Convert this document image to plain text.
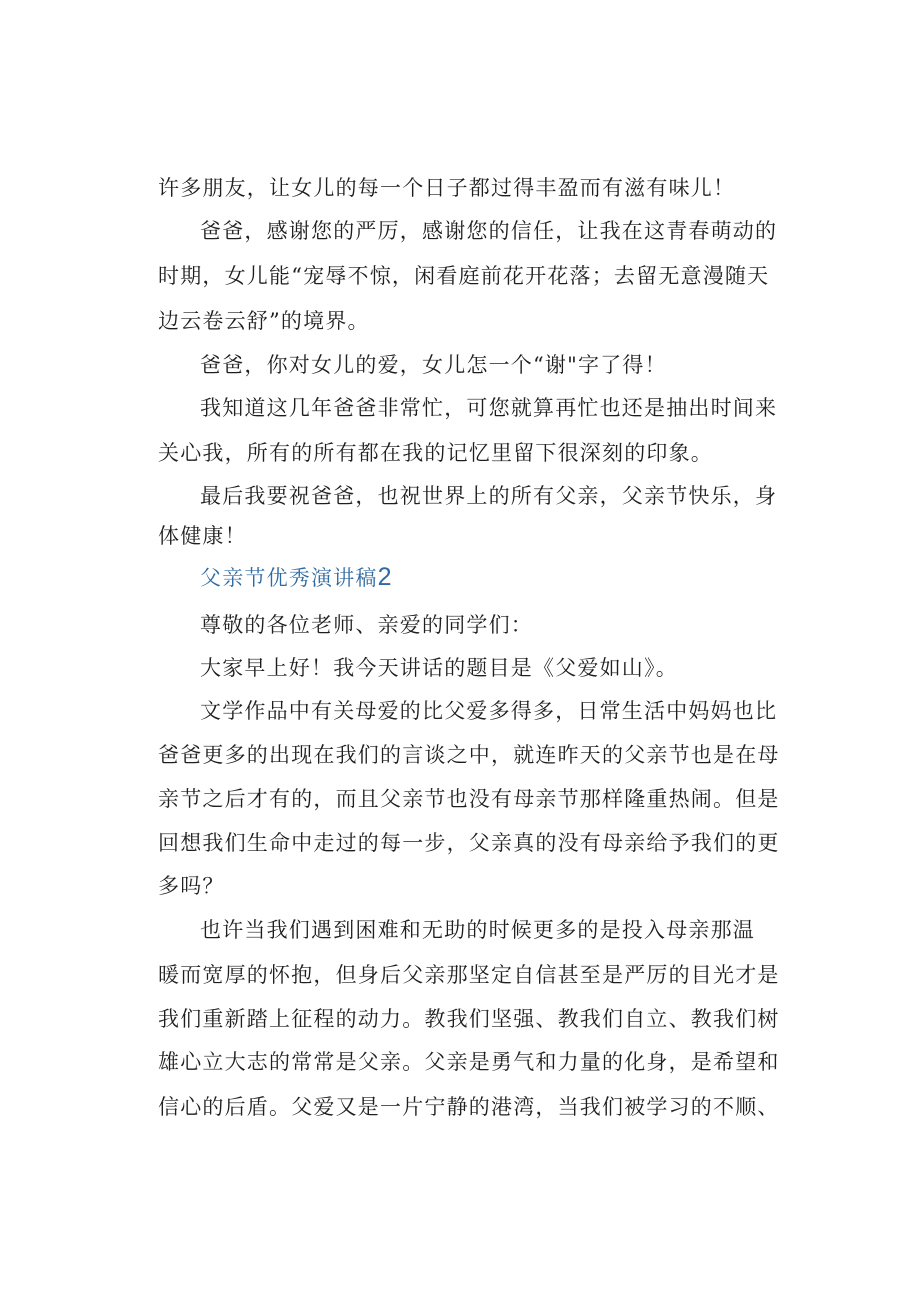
许多朋友，让女儿的每一个日子都过得丰盈而有滋有味儿！

爸爸，感谢您的严厉，感谢您的信任，让我在这青春萌动的

时期，女儿能“宠辱不惊，闲看庭前花开花落；去留无意漫随天

边云卷云舒”的境界。

爸爸，你对女儿的爱，女儿怎一个“谢"字了得！

我知道这几年爸爸非常忙，可您就算再忙也还是抽出时间来

关心我，所有的所有都在我的记忆里留下很深刻的印象。

最后我要祝爸爸，也祝世界上的所有父亲，父亲节快乐，身

体健康！

父亲节优秀演讲稿2

尊敬的各位老师、亲爱的同学们：

大家早上好！我今天讲话的题目是《父爱如山》。

文学作品中有关母爱的比父爱多得多，日常生活中妈妈也比

爸爸更多的出现在我们的言谈之中，就连昨天的父亲节也是在母

亲节之后才有的，而且父亲节也没有母亲节那样隆重热闹。但是

回想我们生命中走过的每一步，父亲真的没有母亲给予我们的更

多吗？

也许当我们遇到困难和无助的时候更多的是投入母亲那温

暖而宽厚的怀抱，但身后父亲那坚定自信甚至是严厉的目光才是

我们重新踏上征程的动力。教我们坚强、教我们自立、教我们树

雄心立大志的常常是父亲。父亲是勇气和力量的化身，是希望和

信心的后盾。父爱又是一片宁静的港湾，当我们被学习的不顺、
